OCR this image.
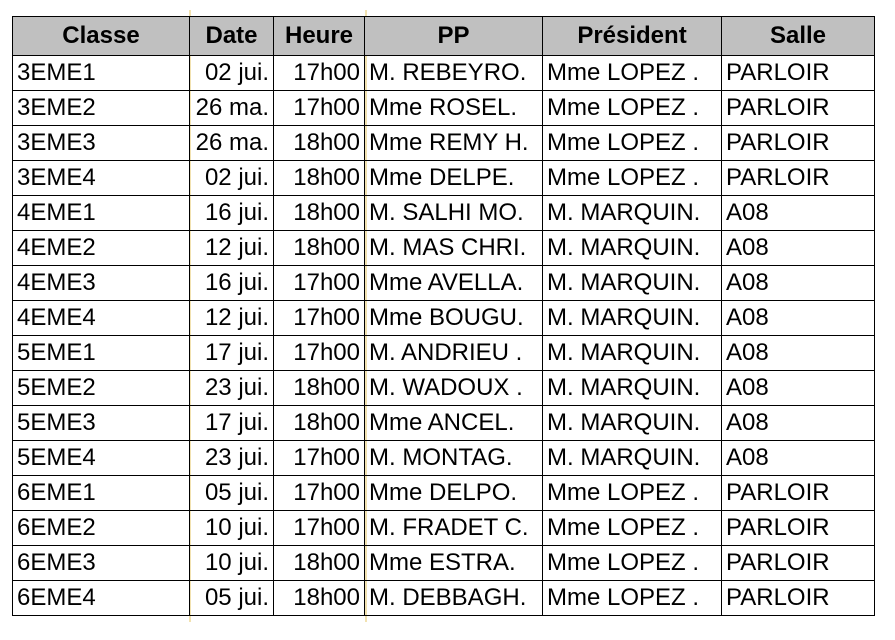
Classe	Date	Heure	PP	Président	Salle
3EME1	02 jui.	17h00	M. REBEYRO.	Mme LOPEZ .	PARLOIR
3EME2	26 ma.	17h00	Mme ROSEL.	Mme LOPEZ .	PARLOIR
3EME3	26 ma.	18h00	Mme REMY H.	Mme LOPEZ .	PARLOIR
3EME4	02 jui.	18h00	Mme DELPE.	Mme LOPEZ .	PARLOIR
4EME1	16 jui.	18h00	M. SALHI MO.	M. MARQUIN.	A08
4EME2	12 jui.	18h00	M. MAS CHRI.	M. MARQUIN.	A08
4EME3	16 jui.	17h00	Mme AVELLA.	M. MARQUIN.	A08
4EME4	12 jui.	17h00	Mme BOUGU.	M. MARQUIN.	A08
5EME1	17 jui.	17h00	M. ANDRIEU .	M. MARQUIN.	A08
5EME2	23 jui.	18h00	M. WADOUX .	M. MARQUIN.	A08
5EME3	17 jui.	18h00	Mme ANCEL.	M. MARQUIN.	A08
5EME4	23 jui.	17h00	M. MONTAG.	M. MARQUIN.	A08
6EME1	05 jui.	17h00	Mme DELPO.	Mme LOPEZ .	PARLOIR
6EME2	10 jui.	17h00	M. FRADET C.	Mme LOPEZ .	PARLOIR
6EME3	10 jui.	18h00	Mme ESTRA.	Mme LOPEZ .	PARLOIR
6EME4	05 jui.	18h00	M. DEBBAGH.	Mme LOPEZ .	PARLOIR
